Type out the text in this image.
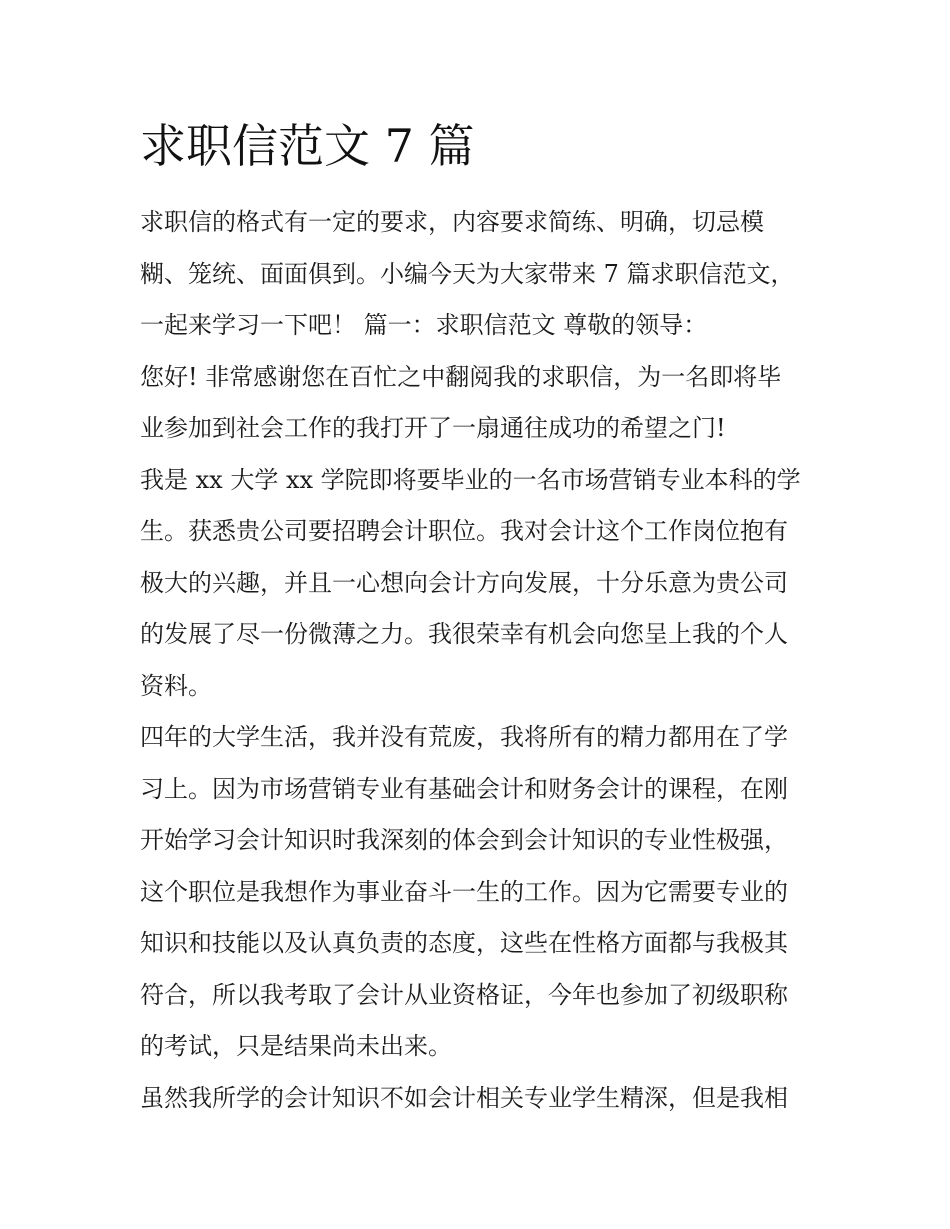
求职信范文 7 篇
求职信的格式有一定的要求，内容要求简练、明确，切忌模
糊、笼统、面面俱到。小编今天为大家带来 7 篇求职信范文，
一起来学习一下吧！ 篇一：求职信范文 尊敬的领导：
您好! 非常感谢您在百忙之中翻阅我的求职信，为一名即将毕
业参加到社会工作的我打开了一扇通往成功的希望之门!
我是 xx 大学 xx 学院即将要毕业的一名市场营销专业本科的学
生。获悉贵公司要招聘会计职位。我对会计这个工作岗位抱有
极大的兴趣，并且一心想向会计方向发展，十分乐意为贵公司
的发展了尽一份微薄之力。我很荣幸有机会向您呈上我的个人
资料。
四年的大学生活，我并没有荒废，我将所有的精力都用在了学
习上。因为市场营销专业有基础会计和财务会计的课程，在刚
开始学习会计知识时我深刻的体会到会计知识的专业性极强，
这个职位是我想作为事业奋斗一生的工作。因为它需要专业的
知识和技能以及认真负责的态度，这些在性格方面都与我极其
符合，所以我考取了会计从业资格证，今年也参加了初级职称
的考试，只是结果尚未出来。
虽然我所学的会计知识不如会计相关专业学生精深，但是我相
